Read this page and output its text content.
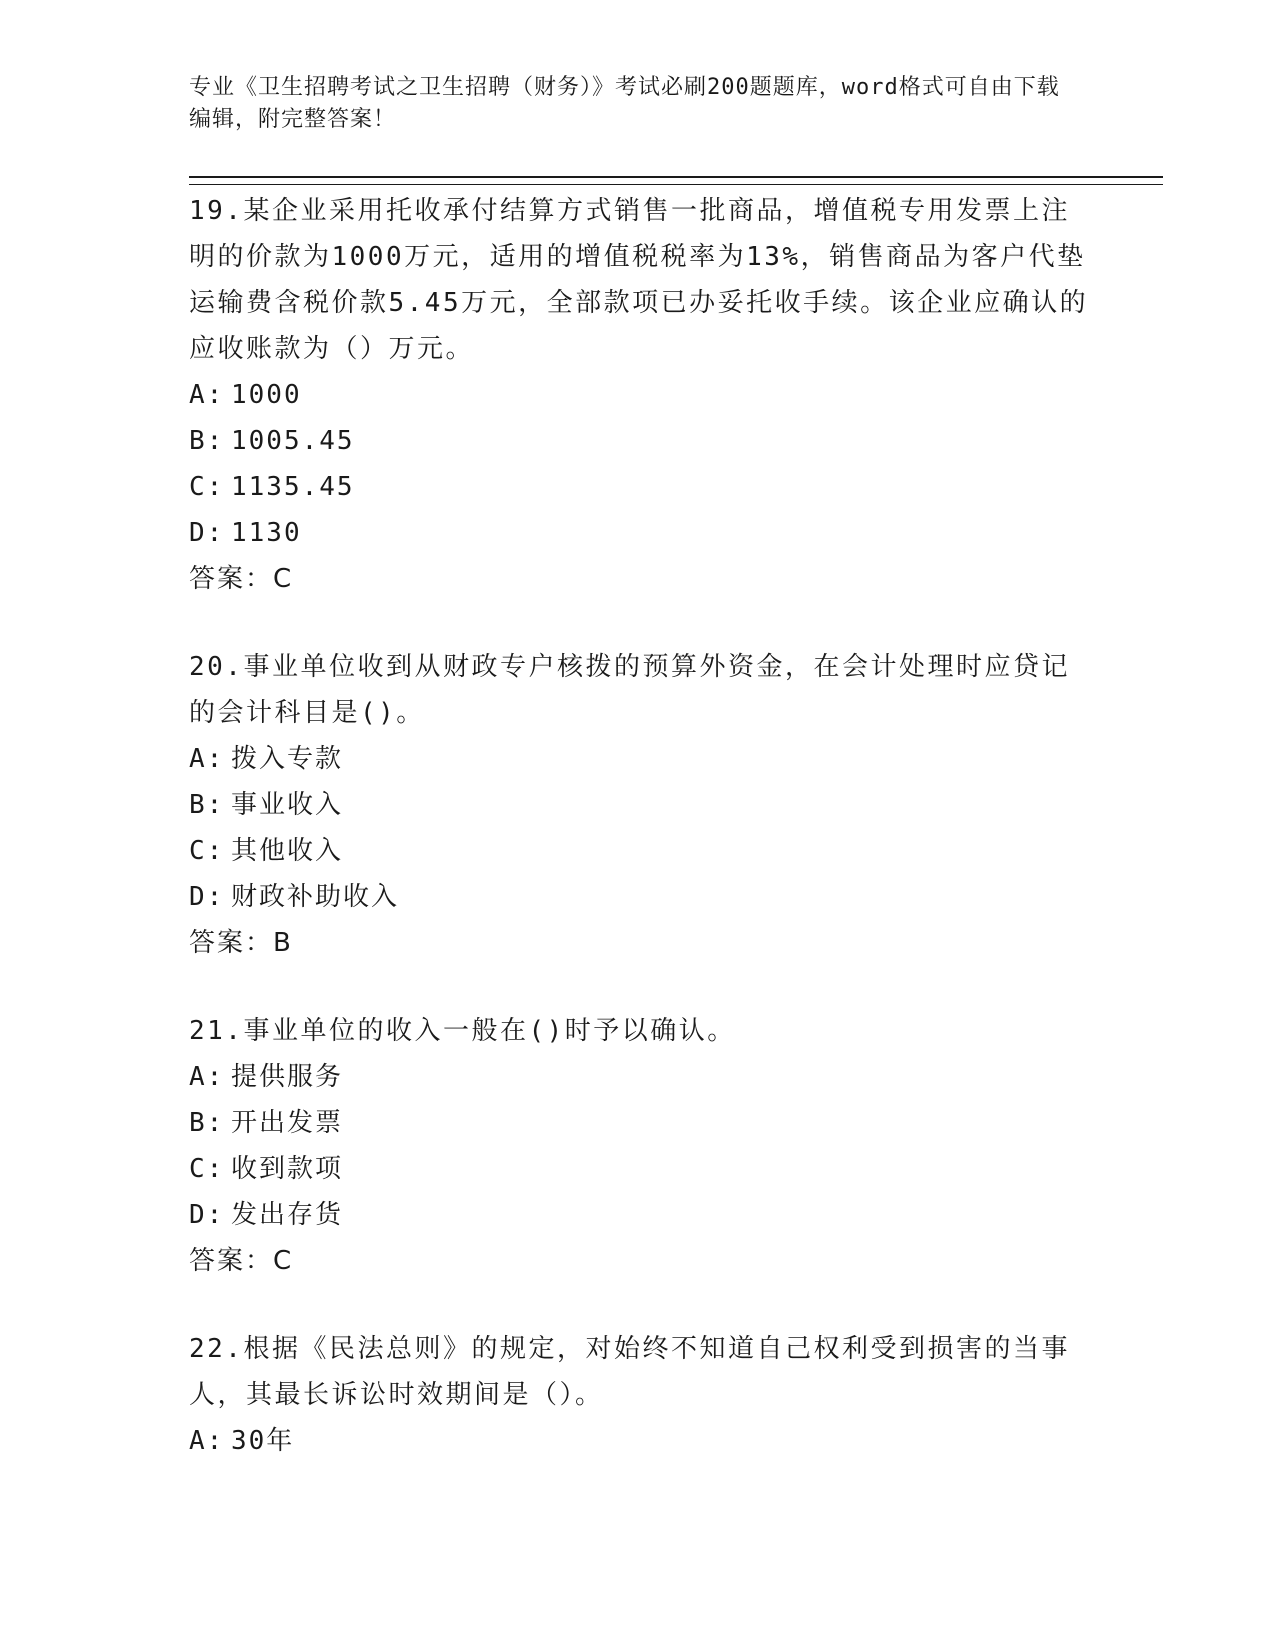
专业《卫生招聘考试之卫生招聘（财务）》考试必刷200题题库，word格式可自由下载编辑，附完整答案！

19.某企业采用托收承付结算方式销售一批商品，增值税专用发票上注明的价款为1000万元，适用的增值税税率为13%，销售商品为客户代垫运输费含税价款5.45万元，全部款项已办妥托收手续。该企业应确认的应收账款为（）万元。

A: 1000
B: 1005.45
C: 1135.45
D: 1130

答案：C

20.事业单位收到从财政专户核拨的预算外资金，在会计处理时应贷记的会计科目是()。

A: 拨入专款
B: 事业收入
C: 其他收入
D: 财政补助收入

答案：B

21.事业单位的收入一般在()时予以确认。

A: 提供服务
B: 开出发票
C: 收到款项
D: 发出存货

答案：C

22.根据《民法总则》的规定，对始终不知道自己权利受到损害的当事人，其最长诉讼时效期间是（）。

A: 30年
